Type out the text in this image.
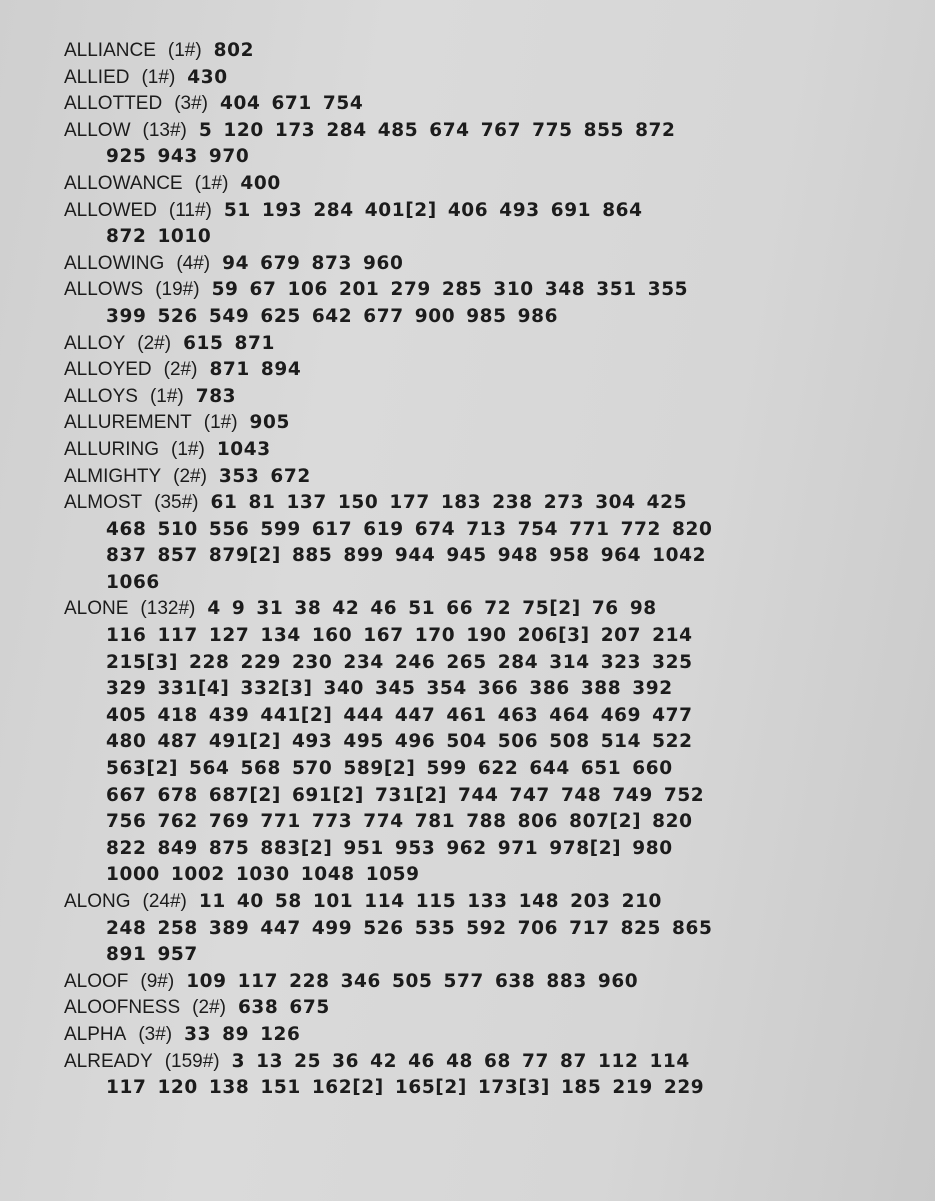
ALLIANCE (1#) 802
ALLIED (1#) 430
ALLOTTED (3#) 404 671 754
ALLOW (13#) 5 120 173 284 485 674 767 775 855 872
925 943 970
ALLOWANCE (1#) 400
ALLOWED (11#) 51 193 284 401[2] 406 493 691 864
872 1010
ALLOWING (4#) 94 679 873 960
ALLOWS (19#) 59 67 106 201 279 285 310 348 351 355
399 526 549 625 642 677 900 985 986
ALLOY (2#) 615 871
ALLOYED (2#) 871 894
ALLOYS (1#) 783
ALLUREMENT (1#) 905
ALLURING (1#) 1043
ALMIGHTY (2#) 353 672
ALMOST (35#) 61 81 137 150 177 183 238 273 304 425
468 510 556 599 617 619 674 713 754 771 772 820
837 857 879[2] 885 899 944 945 948 958 964 1042
1066
ALONE (132#) 4 9 31 38 42 46 51 66 72 75[2] 76 98
116 117 127 134 160 167 170 190 206[3] 207 214
215[3] 228 229 230 234 246 265 284 314 323 325
329 331[4] 332[3] 340 345 354 366 386 388 392
405 418 439 441[2] 444 447 461 463 464 469 477
480 487 491[2] 493 495 496 504 506 508 514 522
563[2] 564 568 570 589[2] 599 622 644 651 660
667 678 687[2] 691[2] 731[2] 744 747 748 749 752
756 762 769 771 773 774 781 788 806 807[2] 820
822 849 875 883[2] 951 953 962 971 978[2] 980
1000 1002 1030 1048 1059
ALONG (24#) 11 40 58 101 114 115 133 148 203 210
248 258 389 447 499 526 535 592 706 717 825 865
891 957
ALOOF (9#) 109 117 228 346 505 577 638 883 960
ALOOFNESS (2#) 638 675
ALPHA (3#) 33 89 126
ALREADY (159#) 3 13 25 36 42 46 48 68 77 87 112 114
117 120 138 151 162[2] 165[2] 173[3] 185 219 229
